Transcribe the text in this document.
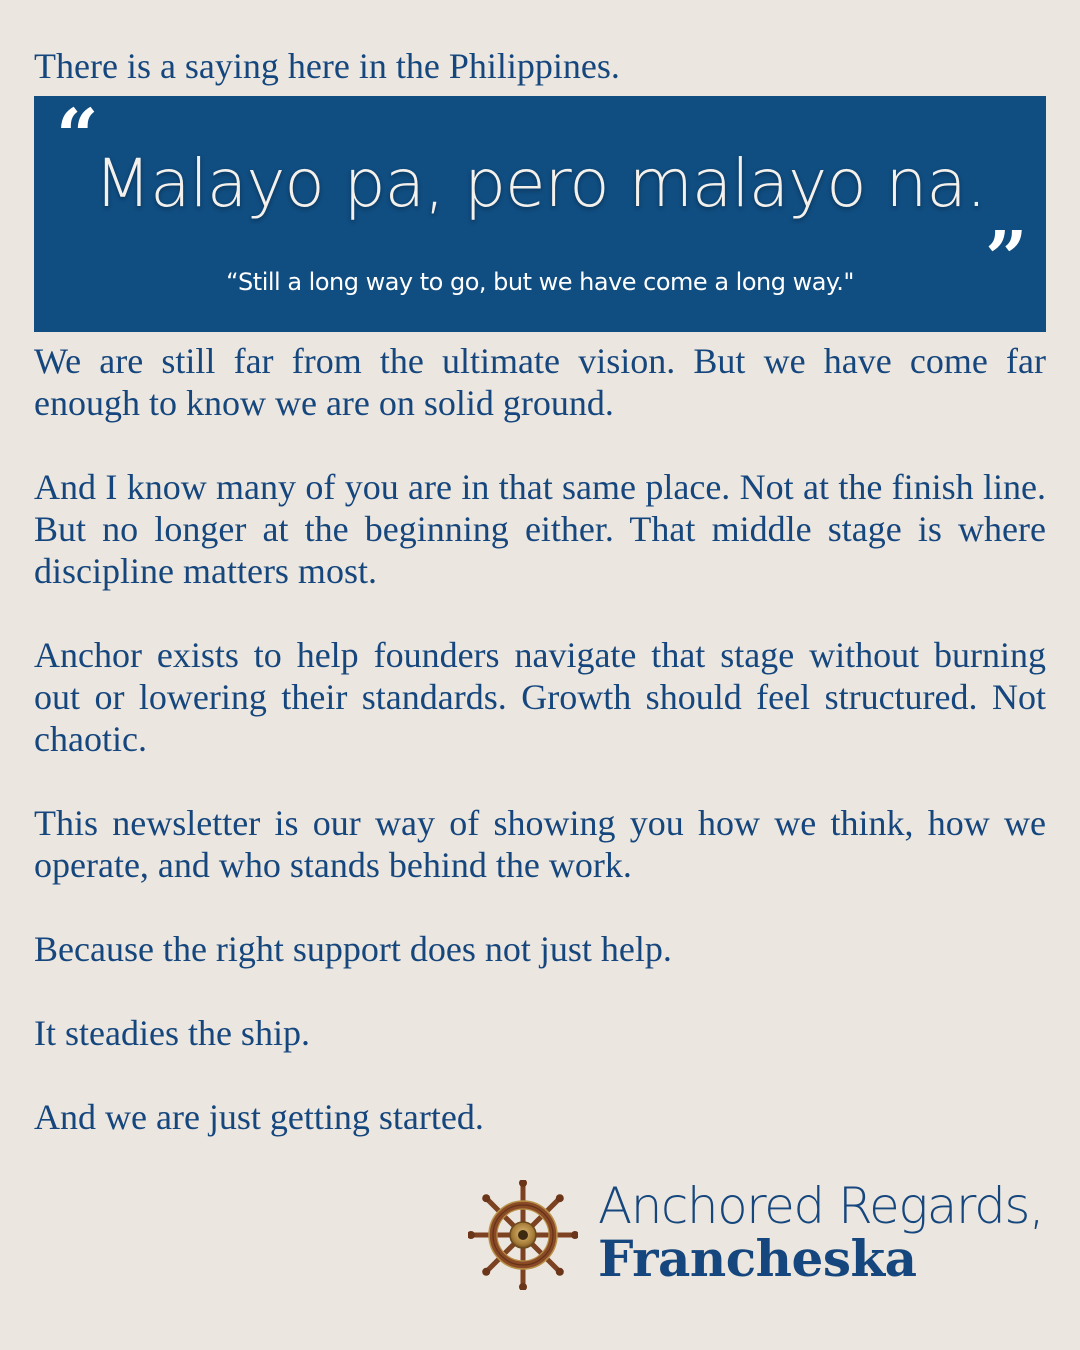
There is a saying here in the Philippines.

“
Malayo pa, pero malayo na.
“Still a long way to go, but we have come a long way."	”

We are still far from the ultimate vision. But we have come far enough to know we are on solid ground.

And I know many of you are in that same place. Not at the finish line. But no longer at the beginning either. That middle stage is where discipline matters most.

Anchor exists to help founders navigate that stage without burning out or lowering their standards. Growth should feel structured. Not chaotic.

This newsletter is our way of showing you how we think, how we operate, and who stands behind the work.

Because the right support does not just help.

It steadies the ship.

And we are just getting started.

Anchored Regards,
Francheska
